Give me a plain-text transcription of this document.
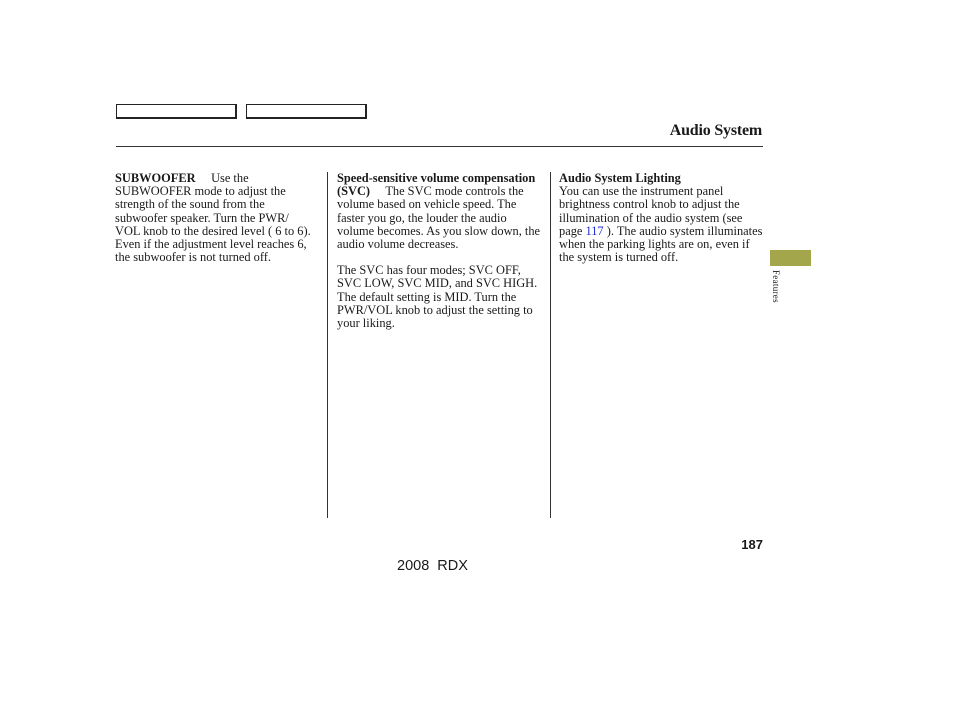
Audio System

SUBWOOFER Use the SUBWOOFER mode to adjust the strength of the sound from the subwoofer speaker. Turn the PWR/ VOL knob to the desired level ( 6 to 6). Even if the adjustment level reaches 6, the subwoofer is not turned off.

Speed-sensitive volume compensation (SVC) The SVC mode controls the volume based on vehicle speed. The faster you go, the louder the audio volume becomes. As you slow down, the audio volume decreases.

The SVC has four modes; SVC OFF, SVC LOW, SVC MID, and SVC HIGH. The default setting is MID. Turn the PWR/VOL knob to adjust the setting to your liking.

Audio System Lighting
You can use the instrument panel brightness control knob to adjust the illumination of the audio system (see page 117 ). The audio system illuminates when the parking lights are on, even if the system is turned off.

Features
187
2008 RDX
